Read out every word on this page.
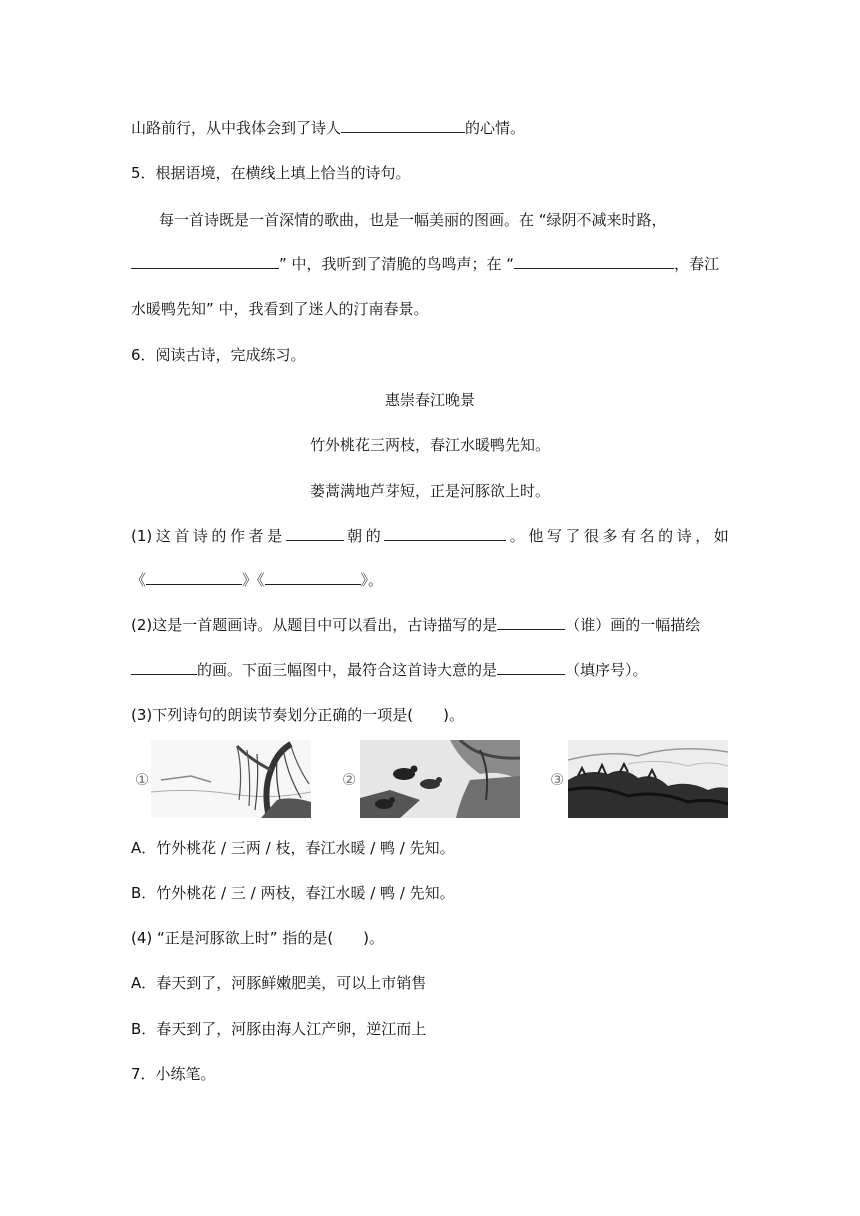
山路前行，从中我体会到了诗人	的心情。
5．根据语境，在横线上填上恰当的诗句。
每一首诗既是一首深情的歌曲，也是一幅美丽的图画。在 “绿阴不减来时路，
” 中，我听到了清脆的鸟鸣声；在 “	，春江
水暖鸭先知” 中，我看到了迷人的汀南春景。
6．阅读古诗，完成练习。
惠崇春江晚景
竹外桃花三两枝，春江水暖鸭先知。
蒌蒿满地芦芽短，正是河豚欲上时。
(1) 这 首 诗 的 作 者 是	朝 的	。 他 写 了 很 多 有 名 的 诗 ， 如
《	》《	》。
(2)这是一首题画诗。从题目中可以看出，古诗描写的是	（谁）画的一幅描绘
的画。下面三幅图中，最符合这首诗大意的是	（填序号）。
(3)下列诗句的朗读节奏划分正确的一项是(　　)。
①	②	③
A．竹外桃花 / 三两 / 枝，春江水暖 / 鸭 / 先知。
B．竹外桃花 / 三 / 两枝，春江水暖 / 鸭 / 先知。
(4) “正是河豚欲上时” 指的是(　　)。
A．春天到了，河豚鲜嫩肥美，可以上市销售
B．春天到了，河豚由海人江产卵，逆江而上
7．小练笔。
